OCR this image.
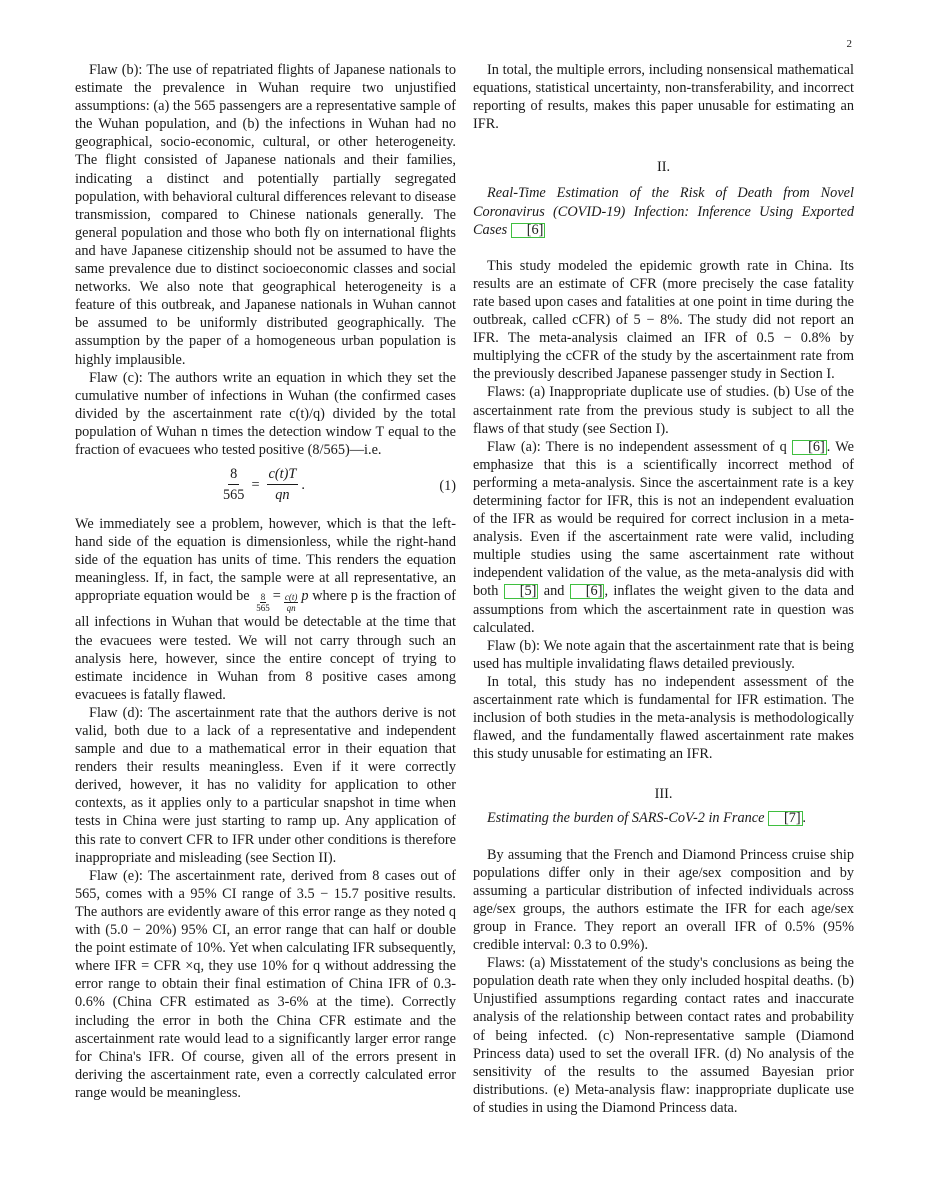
2

Flaw (b): The use of repatriated flights of Japanese nationals to estimate the prevalence in Wuhan require two unjustified assumptions: (a) the 565 passengers are a representative sample of the Wuhan population, and (b) the infections in Wuhan had no geographical, socio-economic, cultural, or other heterogeneity. The flight consisted of Japanese nationals and their families, indicating a distinct and potentially partially segregated population, with behavioral cultural differences relevant to disease transmission, compared to Chinese nationals generally. The general population and those who both fly on international flights and have Japanese citizenship should not be assumed to have the same prevalence due to distinct socioeconomic classes and social networks. We also note that geographical heterogeneity is a feature of this outbreak, and Japanese nationals in Wuhan cannot be assumed to be uniformly distributed geographically. The assumption by the paper of a homogeneous urban population is highly implausible.

Flaw (c): The authors write an equation in which they set the cumulative number of infections in Wuhan (the confirmed cases divided by the ascertainment rate c(t)/q) divided by the total population of Wuhan n times the detection window T equal to the fraction of evacuees who tested positive (8/565)—i.e.

$\frac{8}{565} = \frac{c(t)T}{qn}$ .	(1)

We immediately see a problem, however, which is that the left-hand side of the equation is dimensionless, while the right-hand side of the equation has units of time. This renders the equation meaningless. If, in fact, the sample were at all representative, an appropriate equation would be $\frac{8}{565} = \frac{c(t)}{qn}$ p where p is the fraction of all infections in Wuhan that would be detectable at the time that the evacuees were tested. We will not carry through such an analysis here, however, since the entire concept of trying to estimate incidence in Wuhan from 8 positive cases among evacuees is fatally flawed.

Flaw (d): The ascertainment rate that the authors derive is not valid, both due to a lack of a representative and independent sample and due to a mathematical error in their equation that renders their results meaningless. Even if it were correctly derived, however, it has no validity for application to other contexts, as it applies only to a particular snapshot in time when tests in China were just starting to ramp up. Any application of this rate to convert CFR to IFR under other conditions is therefore inappropriate and misleading (see Section II).

Flaw (e): The ascertainment rate, derived from 8 cases out of 565, comes with a 95% CI range of 3.5 − 15.7 positive results. The authors are evidently aware of this error range as they noted q with (5.0 − 20%) 95% CI, an error range that can half or double the point estimate of 10%. Yet when calculating IFR subsequently, where IFR = CFR ×q, they use 10% for q without addressing the error range to obtain their final estimation of China IFR of 0.3-0.6% (China CFR estimated as 3-6% at the time). Correctly including the error in both the China CFR estimate and the ascertainment rate would lead to a significantly larger error range for China's IFR. Of course, given all of the errors present in deriving the ascertainment rate, even a correctly calculated error range would be meaningless.

In total, the multiple errors, including nonsensical mathematical equations, statistical uncertainty, non-transferability, and incorrect reporting of results, makes this paper unusable for estimating an IFR.

II.

Real-Time Estimation of the Risk of Death from Novel Coronavirus (COVID-19) Infection: Inference Using Exported Cases [6]

This study modeled the epidemic growth rate in China. Its results are an estimate of CFR (more precisely the case fatality rate based upon cases and fatalities at one point in time during the outbreak, called cCFR) of 5 − 8%. The study did not report an IFR. The meta-analysis claimed an IFR of 0.5 − 0.8% by multiplying the cCFR of the study by the ascertainment rate from the previously described Japanese passenger study in Section I.

Flaws: (a) Inappropriate duplicate use of studies. (b) Use of the ascertainment rate from the previous study is subject to all the flaws of that study (see Section I).

Flaw (a): There is no independent assessment of q [6] . We emphasize that this is a scientifically incorrect method of performing a meta-analysis. Since the ascertainment rate is a key determining factor for IFR, this is not an independent evaluation of the IFR as would be required for correct inclusion in a meta-analysis. Even if the ascertainment rate were valid, including multiple studies using the same ascertainment rate without independent validation of the value, as the meta-analysis did with both [5] and [6] , inflates the weight given to the data and assumptions from which the ascertainment rate in question was calculated.

Flaw (b): We note again that the ascertainment rate that is being used has multiple invalidating flaws detailed previously.

In total, this study has no independent assessment of the ascertainment rate which is fundamental for IFR estimation. The inclusion of both studies in the meta-analysis is methodologically flawed, and the fundamentally flawed ascertainment rate makes this study unusable for estimating an IFR.

III.

Estimating the burden of SARS-CoV-2 in France [7] .

By assuming that the French and Diamond Princess cruise ship populations differ only in their age/sex composition and by assuming a particular distribution of infected individuals across age/sex groups, the authors estimate the IFR for each age/sex group in France. They report an overall IFR of 0.5% (95% credible interval: 0.3 to 0.9%).

Flaws: (a) Misstatement of the study's conclusions as being the population death rate when they only included hospital deaths. (b) Unjustified assumptions regarding contact rates and inaccurate analysis of the relationship between contact rates and probability of being infected. (c) Non-representative sample (Diamond Princess data) used to set the overall IFR. (d) No analysis of the sensitivity of the results to the assumed Bayesian prior distributions. (e) Meta-analysis flaw: inappropriate duplicate use of studies in using the Diamond Princess data.
